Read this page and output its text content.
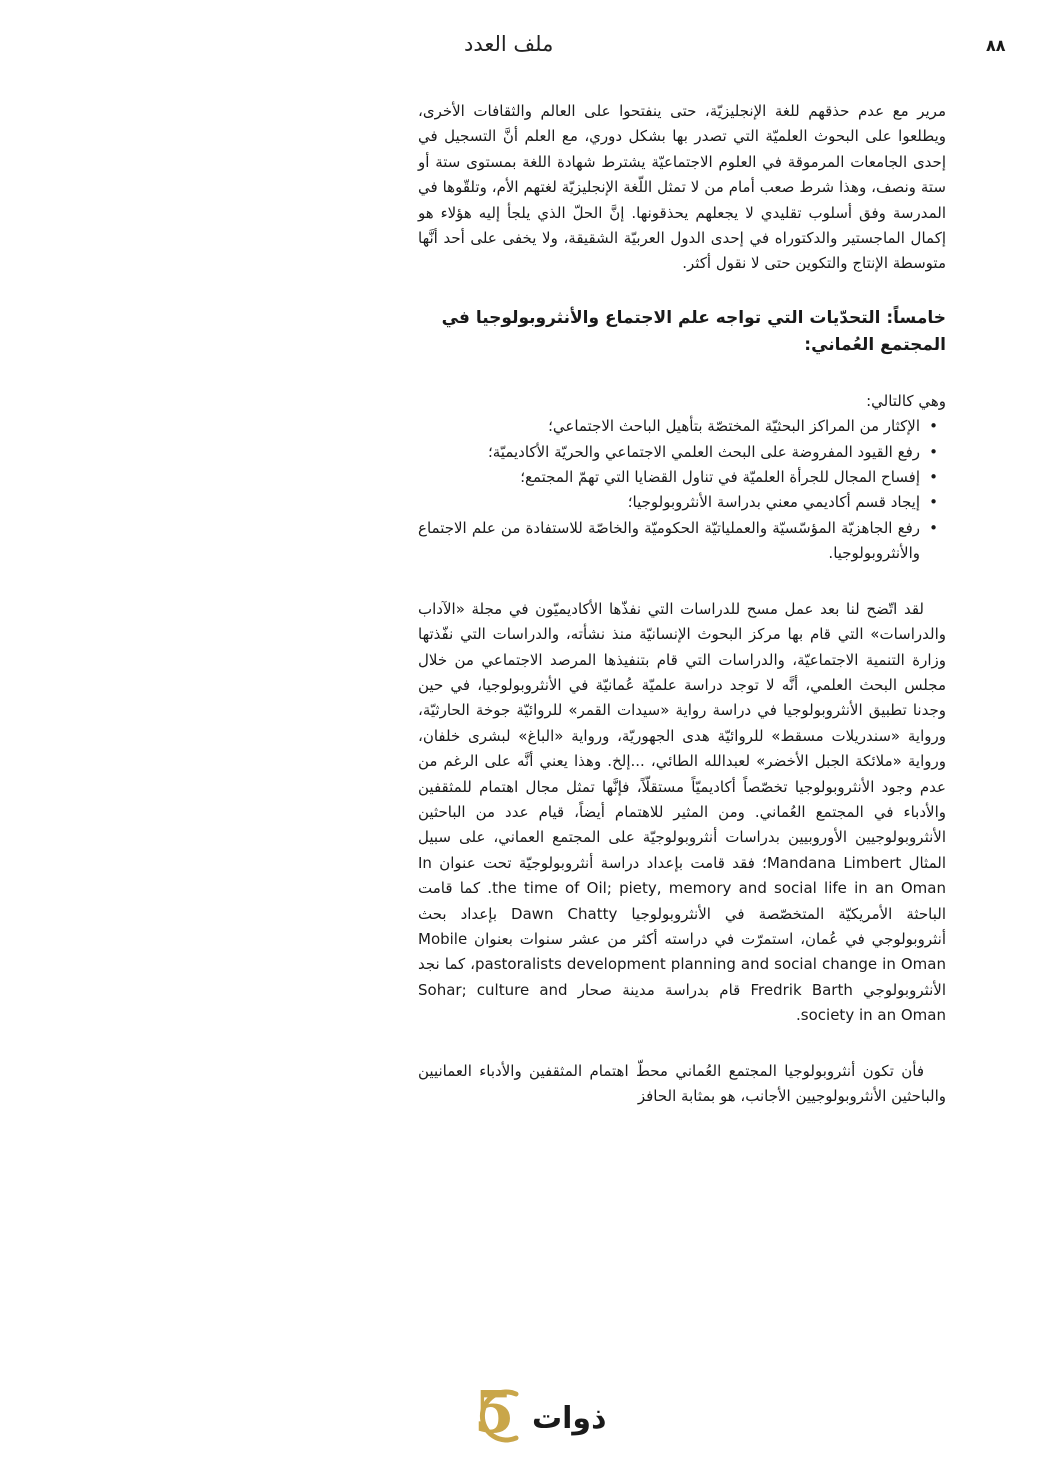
ملف العدد	٨٨

مرير مع عدم حذقهم للغة الإنجليزيّة، حتى ينفتحوا على العالم والثقافات الأخرى، ويطلعوا على البحوث العلميّة التي تصدر بها بشكل دوري، مع العلم أنَّ التسجيل في إحدى الجامعات المرموقة في العلوم الاجتماعيّة يشترط شهادة اللغة بمستوى ستة أو ستة ونصف، وهذا شرط صعب أمام من لا تمثل اللّغة الإنجليزيّة لغتهم الأم، وتلقّوها في المدرسة وفق أسلوب تقليدي لا يجعلهم يحذقونها. إنَّ الحلّ الذي يلجأ إليه هؤلاء هو إكمال الماجستير والدكتوراه في إحدى الدول العربيّة الشقيقة، ولا يخفى على أحد أنَّها متوسطة الإنتاج والتكوين حتى لا نقول أكثر.

خامساً: التحدّيات التي تواجه علم الاجتماع والأنثروبولوجيا في المجتمع العُماني:

وهي كالتالي:

• الإكثار من المراكز البحثيّة المختصّة بتأهيل الباحث الاجتماعي؛
• رفع القيود المفروضة على البحث العلمي الاجتماعي والحريّة الأكاديميّة؛
• إفساح المجال للجرأة العلميّة في تناول القضايا التي تهمّ المجتمع؛
• إيجاد قسم أكاديمي معني بدراسة الأنثروبولوجيا؛
• رفع الجاهزيّة المؤسّسيّة والعملياتيّة الحكوميّة والخاصّة للاستفادة من علم الاجتماع والأنثروبولوجيا.

لقد اتّضح لنا بعد عمل مسح للدراسات التي نفذّها الأكاديميّون في مجلة «الآداب والدراسات» التي قام بها مركز البحوث الإنسانيّة منذ نشأته، والدراسات التي نفّذتها وزارة التنمية الاجتماعيّة، والدراسات التي قام بتنفيذها المرصد الاجتماعي من خلال مجلس البحث العلمي، أنَّه لا توجد دراسة علميّة عُمانيّة في الأنثروبولوجيا، في حين وجدنا تطبيق الأنثروبولوجيا في دراسة رواية «سيدات القمر» للروائيّة جوخة الحارثيّة، ورواية «سندريلات مسقط» للروائيّة هدى الجهوريّة، ورواية «الباغ» لبشرى خلفان، ورواية «ملائكة الجبل الأخضر» لعبدالله الطائي، ...إلخ. وهذا يعني أنَّه على الرغم من عدم وجود الأنثروبولوجيا تخصّصاً أكاديميّاً مستقلّاً، فإنَّها تمثل مجال اهتمام للمثقفين والأدباء في المجتمع العُماني. ومن المثير للاهتمام أيضاً، قيام عدد من الباحثين الأنثروبولوجيين الأوروبيين بدراسات أنثروبولوجيّة على المجتمع العماني، على سبيل المثال Mandana Limbert؛ فقد قامت بإعداد دراسة أنثروبولوجيّة تحت عنوان In the time of Oil; piety, memory and social life in an Oman. كما قامت الباحثة الأمريكيّة المتخصّصة في الأنثروبولوجيا Dawn Chatty بإعداد بحث أنثروبولوجي في عُمان، استمرّت في دراسته أكثر من عشر سنوات بعنوان Mobile pastoralists development planning and social change in Oman، كما نجد الأنثروبولوجي Fredrik Barth قام بدراسة مدينة صحار Sohar; culture and society in an Oman.

فأن تكون أنثروبولوجيا المجتمع العُماني محطّ اهتمام المثقفين والأدباء العمانيين والباحثين الأنثروبولوجيين الأجانب، هو بمثابة الحافز

5 ذوات
